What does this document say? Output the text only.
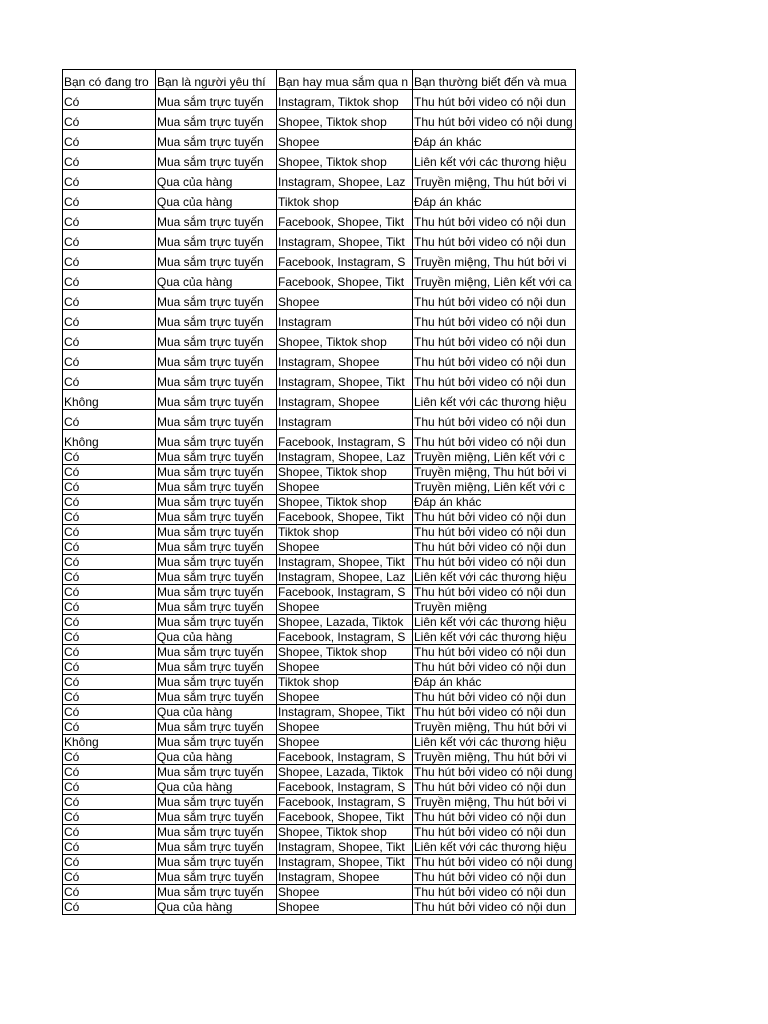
Bạn có đang tro	Bạn là người yêu thí	Bạn hay mua sắm qua n	Bạn thường biết đến và mua
Có	Mua sắm trực tuyến	Instagram, Tiktok shop	Thu hút bởi video có nội dun
Có	Mua sắm trực tuyến	Shopee, Tiktok shop	Thu hút bởi video có nội dung
Có	Mua sắm trực tuyến	Shopee	Đáp án khác
Có	Mua sắm trực tuyến	Shopee, Tiktok shop	Liên kết với các thương hiệu
Có	Qua của hàng	Instagram, Shopee, Laz	Truyền miệng, Thu hút bởi vi
Có	Qua của hàng	Tiktok shop	Đáp án khác
Có	Mua sắm trực tuyến	Facebook, Shopee, Tikt	Thu hút bởi video có nội dun
Có	Mua sắm trực tuyến	Instagram, Shopee, Tikt	Thu hút bởi video có nội dun
Có	Mua sắm trực tuyến	Facebook, Instagram, S	Truyền miệng, Thu hút bởi vi
Có	Qua của hàng	Facebook, Shopee, Tikt	Truyền miệng, Liên kết với ca
Có	Mua sắm trực tuyến	Shopee	Thu hút bởi video có nội dun
Có	Mua sắm trực tuyến	Instagram	Thu hút bởi video có nội dun
Có	Mua sắm trực tuyến	Shopee, Tiktok shop	Thu hút bởi video có nội dun
Có	Mua sắm trực tuyến	Instagram, Shopee	Thu hút bởi video có nội dun
Có	Mua sắm trực tuyến	Instagram, Shopee, Tikt	Thu hút bởi video có nội dun
Không	Mua sắm trực tuyến	Instagram, Shopee	Liên kết với các thương hiệu
Có	Mua sắm trực tuyến	Instagram	Thu hút bởi video có nội dun
Không	Mua sắm trực tuyến	Facebook, Instagram, S	Thu hút bởi video có nội dun
Có	Mua sắm trực tuyến	Instagram, Shopee, Laz	Truyền miệng, Liên kết với c
Có	Mua sắm trực tuyến	Shopee, Tiktok shop	Truyền miệng, Thu hút bởi vi
Có	Mua sắm trực tuyến	Shopee	Truyền miệng, Liên kết với c
Có	Mua sắm trực tuyến	Shopee, Tiktok shop	Đáp án khác
Có	Mua sắm trực tuyến	Facebook, Shopee, Tikt	Thu hút bởi video có nội dun
Có	Mua sắm trực tuyến	Tiktok shop	Thu hút bởi video có nội dun
Có	Mua sắm trực tuyến	Shopee	Thu hút bởi video có nội dun
Có	Mua sắm trực tuyến	Instagram, Shopee, Tikt	Thu hút bởi video có nội dun
Có	Mua sắm trực tuyến	Instagram, Shopee, Laz	Liên kết với các thương hiệu
Có	Mua sắm trực tuyến	Facebook, Instagram, S	Thu hút bởi video có nội dun
Có	Mua sắm trực tuyến	Shopee	Truyền miệng
Có	Mua sắm trực tuyến	Shopee, Lazada, Tiktok	Liên kết với các thương hiệu
Có	Qua của hàng	Facebook, Instagram, S	Liên kết với các thương hiệu
Có	Mua sắm trực tuyến	Shopee, Tiktok shop	Thu hút bởi video có nội dun
Có	Mua sắm trực tuyến	Shopee	Thu hút bởi video có nội dun
Có	Mua sắm trực tuyến	Tiktok shop	Đáp án khác
Có	Mua sắm trực tuyến	Shopee	Thu hút bởi video có nội dun
Có	Qua của hàng	Instagram, Shopee, Tikt	Thu hút bởi video có nội dun
Có	Mua sắm trực tuyến	Shopee	Truyền miệng, Thu hút bởi vi
Không	Mua sắm trực tuyến	Shopee	Liên kết với các thương hiệu
Có	Qua của hàng	Facebook, Instagram, S	Truyền miệng, Thu hút bởi vi
Có	Mua sắm trực tuyến	Shopee, Lazada, Tiktok	Thu hút bởi video có nội dung
Có	Qua của hàng	Facebook, Instagram, S	Thu hút bởi video có nội dun
Có	Mua sắm trực tuyến	Facebook, Instagram, S	Truyền miệng, Thu hút bởi vi
Có	Mua sắm trực tuyến	Facebook, Shopee, Tikt	Thu hút bởi video có nội dun
Có	Mua sắm trực tuyến	Shopee, Tiktok shop	Thu hút bởi video có nội dun
Có	Mua sắm trực tuyến	Instagram, Shopee, Tikt	Liên kết với các thương hiệu
Có	Mua sắm trực tuyến	Instagram, Shopee, Tikt	Thu hút bởi video có nội dung
Có	Mua sắm trực tuyến	Instagram, Shopee	Thu hút bởi video có nội dun
Có	Mua sắm trực tuyến	Shopee	Thu hút bởi video có nội dun
Có	Qua của hàng	Shopee	Thu hút bởi video có nội dun
